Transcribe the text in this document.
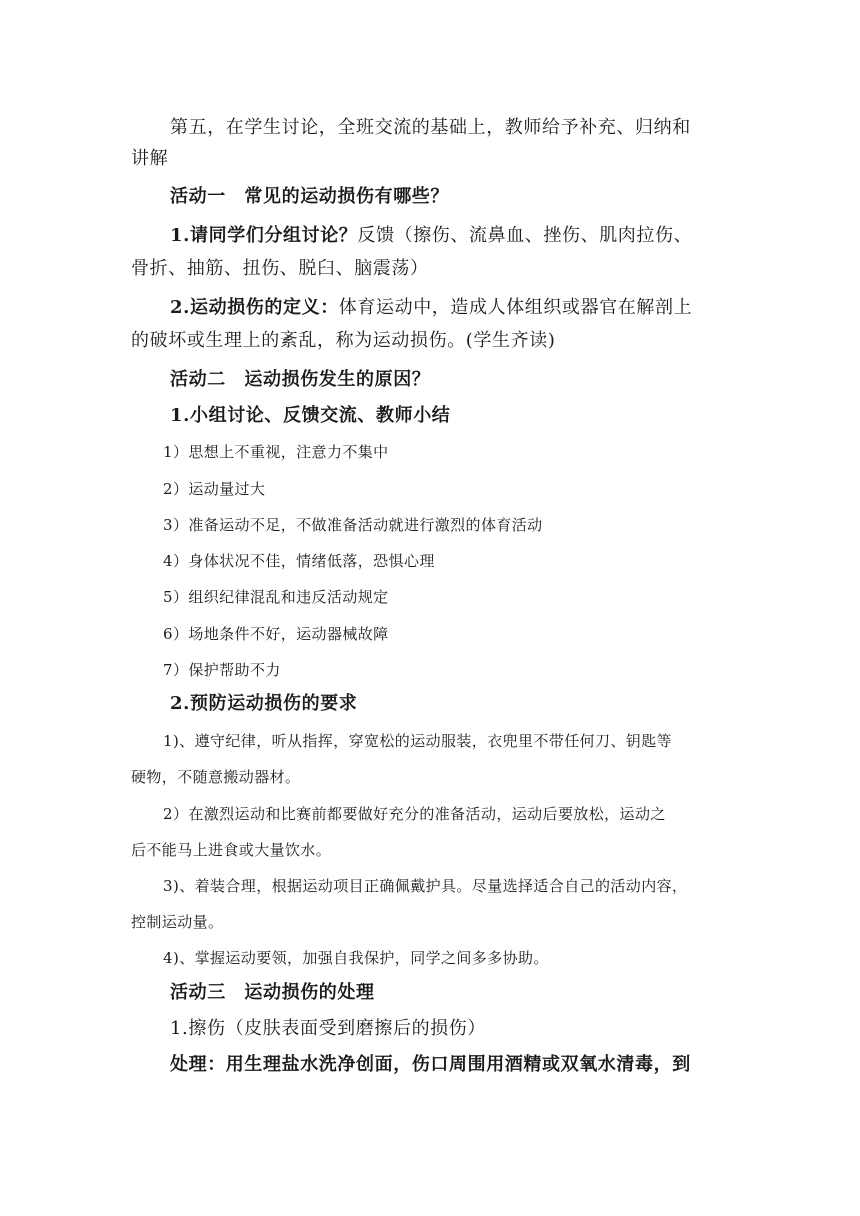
第五，在学生讨论，全班交流的基础上，教师给予补充、归纳和
讲解
活动一　常见的运动损伤有哪些？
1.请同学们分组讨论？反馈（擦伤、流鼻血、挫伤、肌肉拉伤、
骨折、抽筋、扭伤、脱臼、脑震荡）
2.运动损伤的定义：体育运动中，造成人体组织或器官在解剖上
的破坏或生理上的紊乱，称为运动损伤。(学生齐读)
活动二　运动损伤发生的原因？
1.小组讨论、反馈交流、教师小结
1）思想上不重视，注意力不集中
2）运动量过大
3）准备运动不足，不做准备活动就进行激烈的体育活动
4）身体状况不佳，情绪低落，恐惧心理
5）组织纪律混乱和违反活动规定
6）场地条件不好，运动器械故障
7）保护帮助不力
2.预防运动损伤的要求
1)、遵守纪律，听从指挥，穿宽松的运动服装，衣兜里不带任何刀、钥匙等
硬物，不随意搬动器材。
2）在激烈运动和比赛前都要做好充分的准备活动，运动后要放松，运动之
后不能马上进食或大量饮水。
3)、着装合理，根据运动项目正确佩戴护具。尽量选择适合自己的活动内容，
控制运动量。
4)、掌握运动要领，加强自我保护，同学之间多多协助。
活动三　运动损伤的处理
1.擦伤（皮肤表面受到磨擦后的损伤）
处理：用生理盐水洗净创面，伤口周围用酒精或双氧水清毒，到
